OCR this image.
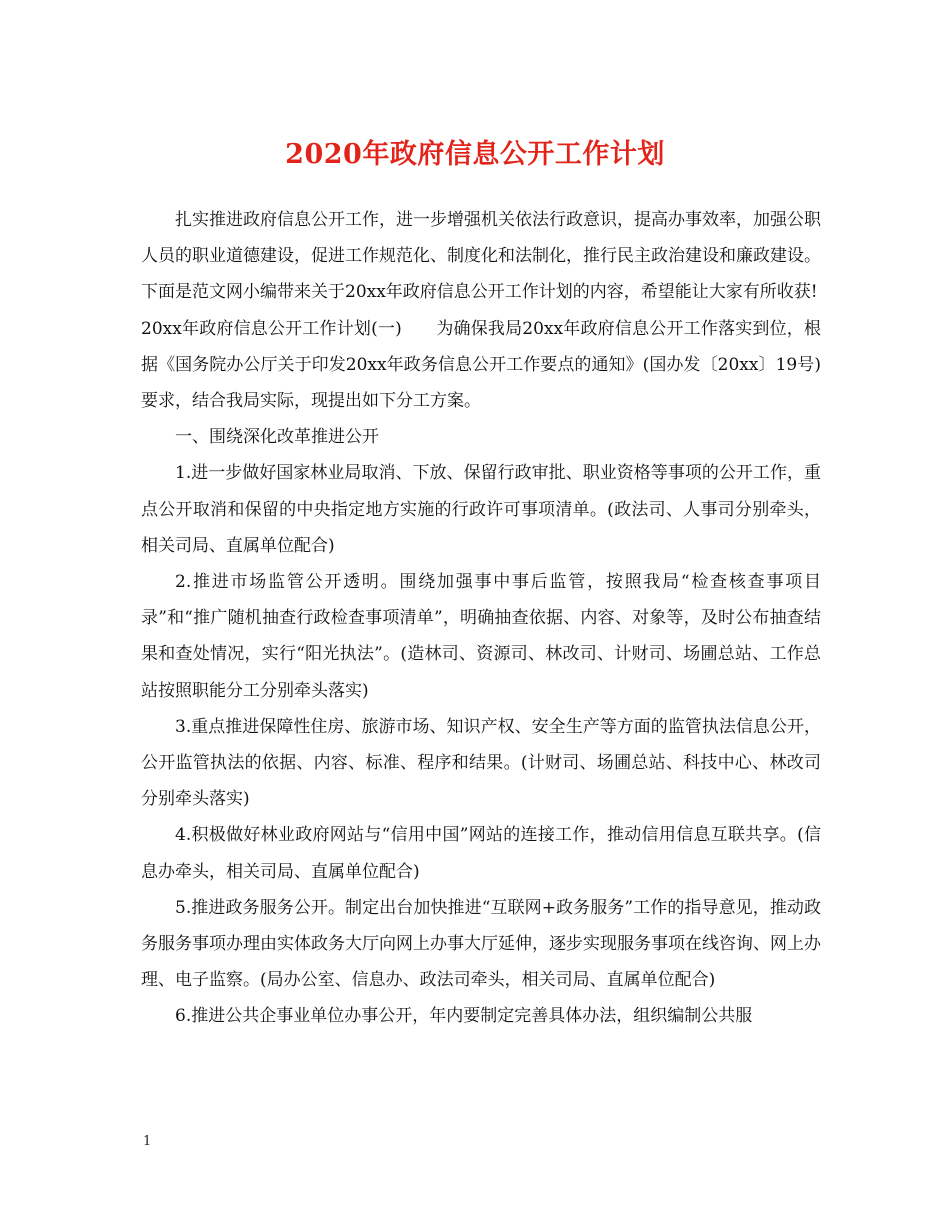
2020年政府信息公开工作计划

扎实推进政府信息公开工作，进一步增强机关依法行政意识，提高办事效率，加强公职人员的职业道德建设，促进工作规范化、制度化和法制化，推行民主政治建设和廉政建设。下面是范文网小编带来关于20xx年政府信息公开工作计划的内容，希望能让大家有所收获!

20xx年政府信息公开工作计划(一)　　为确保我局20xx年政府信息公开工作落实到位，根据《国务院办公厅关于印发20xx年政务信息公开工作要点的通知》(国办发〔20xx〕19号)要求，结合我局实际，现提出如下分工方案。

一、围绕深化改革推进公开

1.进一步做好国家林业局取消、下放、保留行政审批、职业资格等事项的公开工作，重点公开取消和保留的中央指定地方实施的行政许可事项清单。(政法司、人事司分别牵头，相关司局、直属单位配合)

2.推进市场监管公开透明。围绕加强事中事后监管，按照我局“检查核查事项目录”和“推广随机抽查行政检查事项清单”，明确抽查依据、内容、对象等，及时公布抽查结果和查处情况，实行“阳光执法”。(造林司、资源司、林改司、计财司、场圃总站、工作总站按照职能分工分别牵头落实)

3.重点推进保障性住房、旅游市场、知识产权、安全生产等方面的监管执法信息公开，公开监管执法的依据、内容、标准、程序和结果。(计财司、场圃总站、科技中心、林改司分别牵头落实)

4.积极做好林业政府网站与“信用中国”网站的连接工作，推动信用信息互联共享。(信息办牵头，相关司局、直属单位配合)

5.推进政务服务公开。制定出台加快推进“互联网+政务服务”工作的指导意见，推动政务服务事项办理由实体政务大厅向网上办事大厅延伸，逐步实现服务事项在线咨询、网上办理、电子监察。(局办公室、信息办、政法司牵头，相关司局、直属单位配合)

6.推进公共企事业单位办事公开，年内要制定完善具体办法，组织编制公共服

1
